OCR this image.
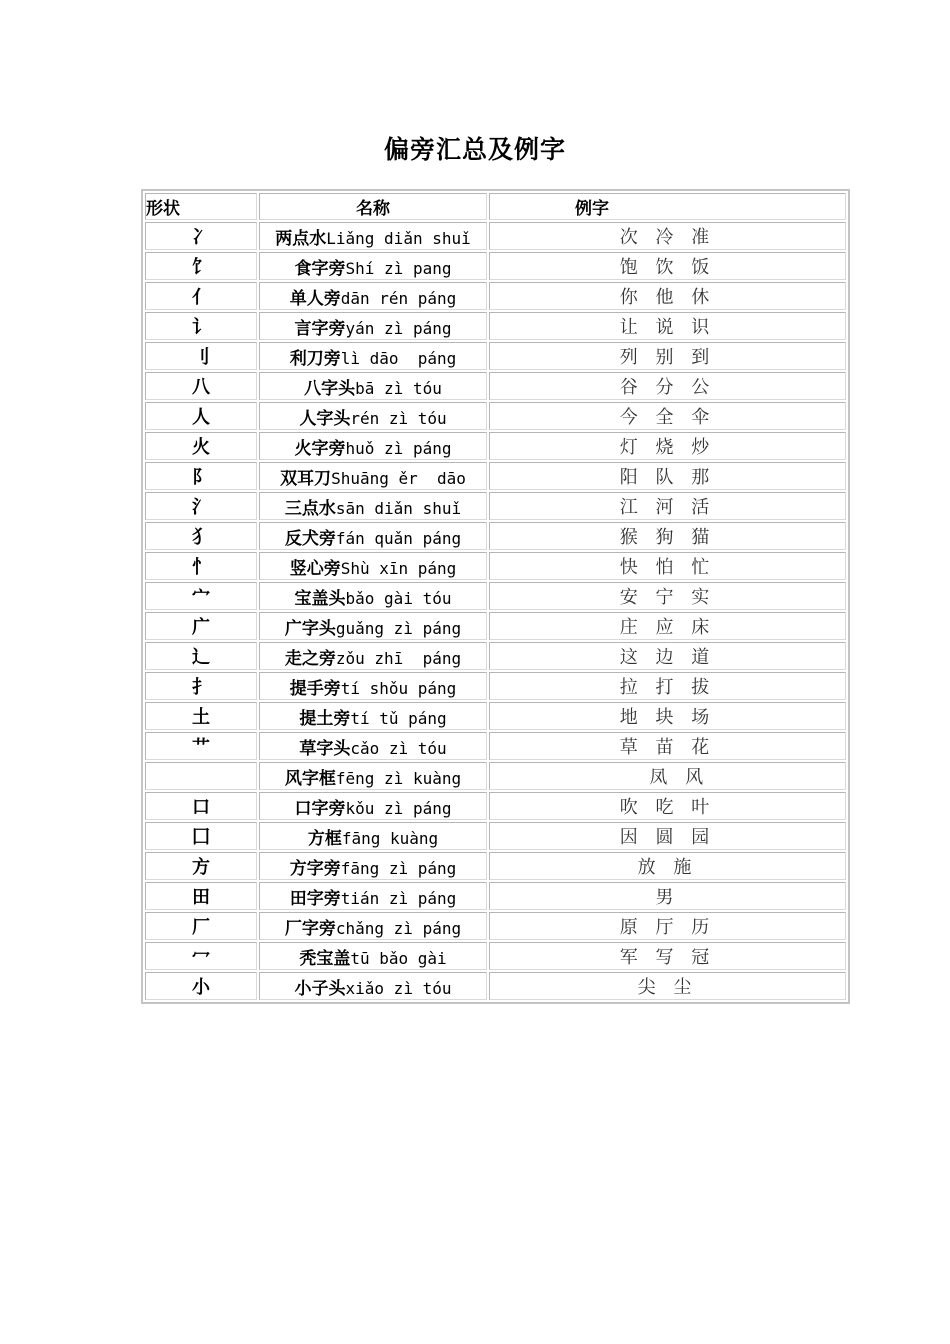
偏旁汇总及例字
形状	名称	例字
冫	两点水Liǎng diǎn shuǐ	次 冷 准
饣	食字旁Shí zì pang	饱 饮 饭
亻	单人旁dān rén páng	你 他 休
讠	言字旁yán zì páng	让 说 识
刂	利刀旁lì dāo  páng	列 别 到
八	八字头bā zì tóu	谷 分 公
人	人字头rén zì tóu	今 全 伞
火	火字旁huǒ zì páng	灯 烧 炒
阝	双耳刀Shuāng ěr  dāo	阳 队 那
氵	三点水sān diǎn shuǐ	江 河 活
犭	反犬旁fán quǎn páng	猴 狗 猫
忄	竖心旁Shù xīn páng	快 怕 忙
宀	宝盖头bǎo gài tóu	安 宁 实
广	广字头guǎng zì páng	庄 应 床
辶	走之旁zǒu zhī  páng	这 边 道
扌	提手旁tí shǒu páng	拉 打 拔
土	提土旁tí tǔ páng	地 块 场
艹	草字头cǎo zì tóu	草 苗 花
	风字框fēng zì kuàng	凤 风
口	口字旁kǒu zì páng	吹 吃 叶
囗	方框fāng kuàng	因 圆 园
方	方字旁fāng zì páng	放 施
田	田字旁tián zì páng	男
厂	厂字旁chǎng zì páng	原 厅 历
冖	秃宝盖tū bǎo gài	军 写 冠
小	小子头xiǎo zì tóu	尖 尘
